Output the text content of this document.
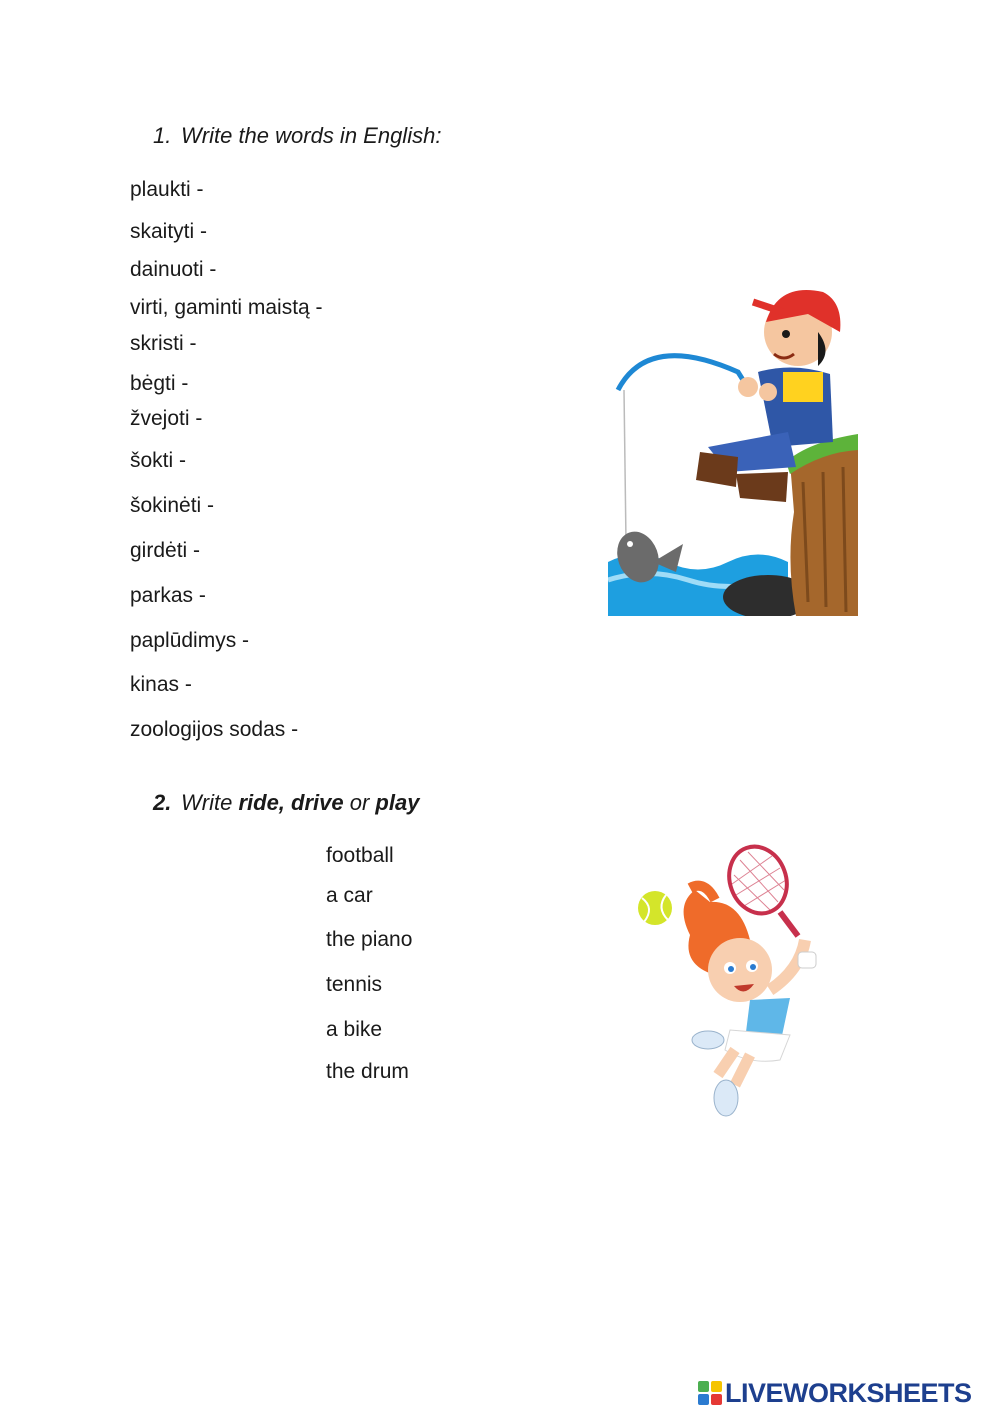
1. Write the words in English:
plaukti -
skaityti -
dainuoti -
virti, gaminti maistą -
skristi -
bėgti -
žvejoti -
šokti -
šokinėti -
girdėti -
parkas -
paplūdimys -
kinas -
zoologijos sodas -
2. Write ride, drive or play
football
a car
the piano
tennis
a bike
the drum
LIVEWORKSHEETS
